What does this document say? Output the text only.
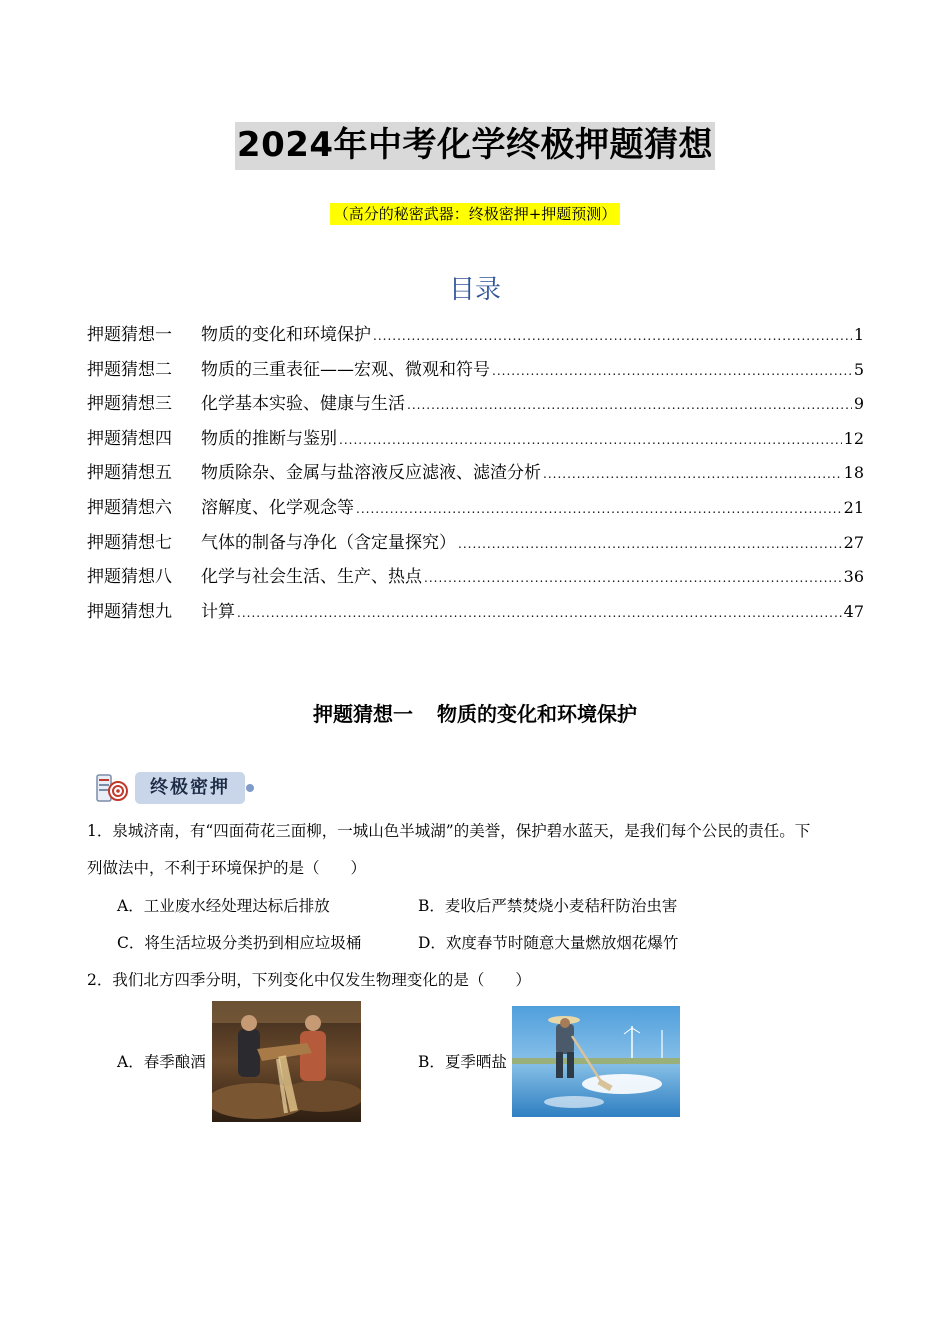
2024年中考化学终极押题猜想
（高分的秘密武器：终极密押+押题预测）
目录
押题猜想一	物质的变化和环境保护 .....	1
押题猜想二	物质的三重表征——宏观、微观和符号 .....	5
押题猜想三	化学基本实验、健康与生活 .....	9
押题猜想四	物质的推断与鉴别 .....	12
押题猜想五	物质除杂、金属与盐溶液反应滤液、滤渣分析 .....	18
押题猜想六	溶解度、化学观念等 .....	21
押题猜想七	气体的制备与净化（含定量探究） .....	27
押题猜想八	化学与社会生活、生产、热点 .....	36
押题猜想九	计算 .....	47
押题猜想一 物质的变化和环境保护
终极密押
1．泉城济南，有“四面荷花三面柳，一城山色半城湖”的美誉，保护碧水蓝天，是我们每个公民的责任。下
列做法中，不利于环境保护的是（　　）
A．工业废水经处理达标后排放	B．麦收后严禁焚烧小麦秸秆防治虫害
C．将生活垃圾分类扔到相应垃圾桶	D．欢度春节时随意大量燃放烟花爆竹
2．我们北方四季分明，下列变化中仅发生物理变化的是（　　）
A．春季酿酒	B．夏季晒盐
